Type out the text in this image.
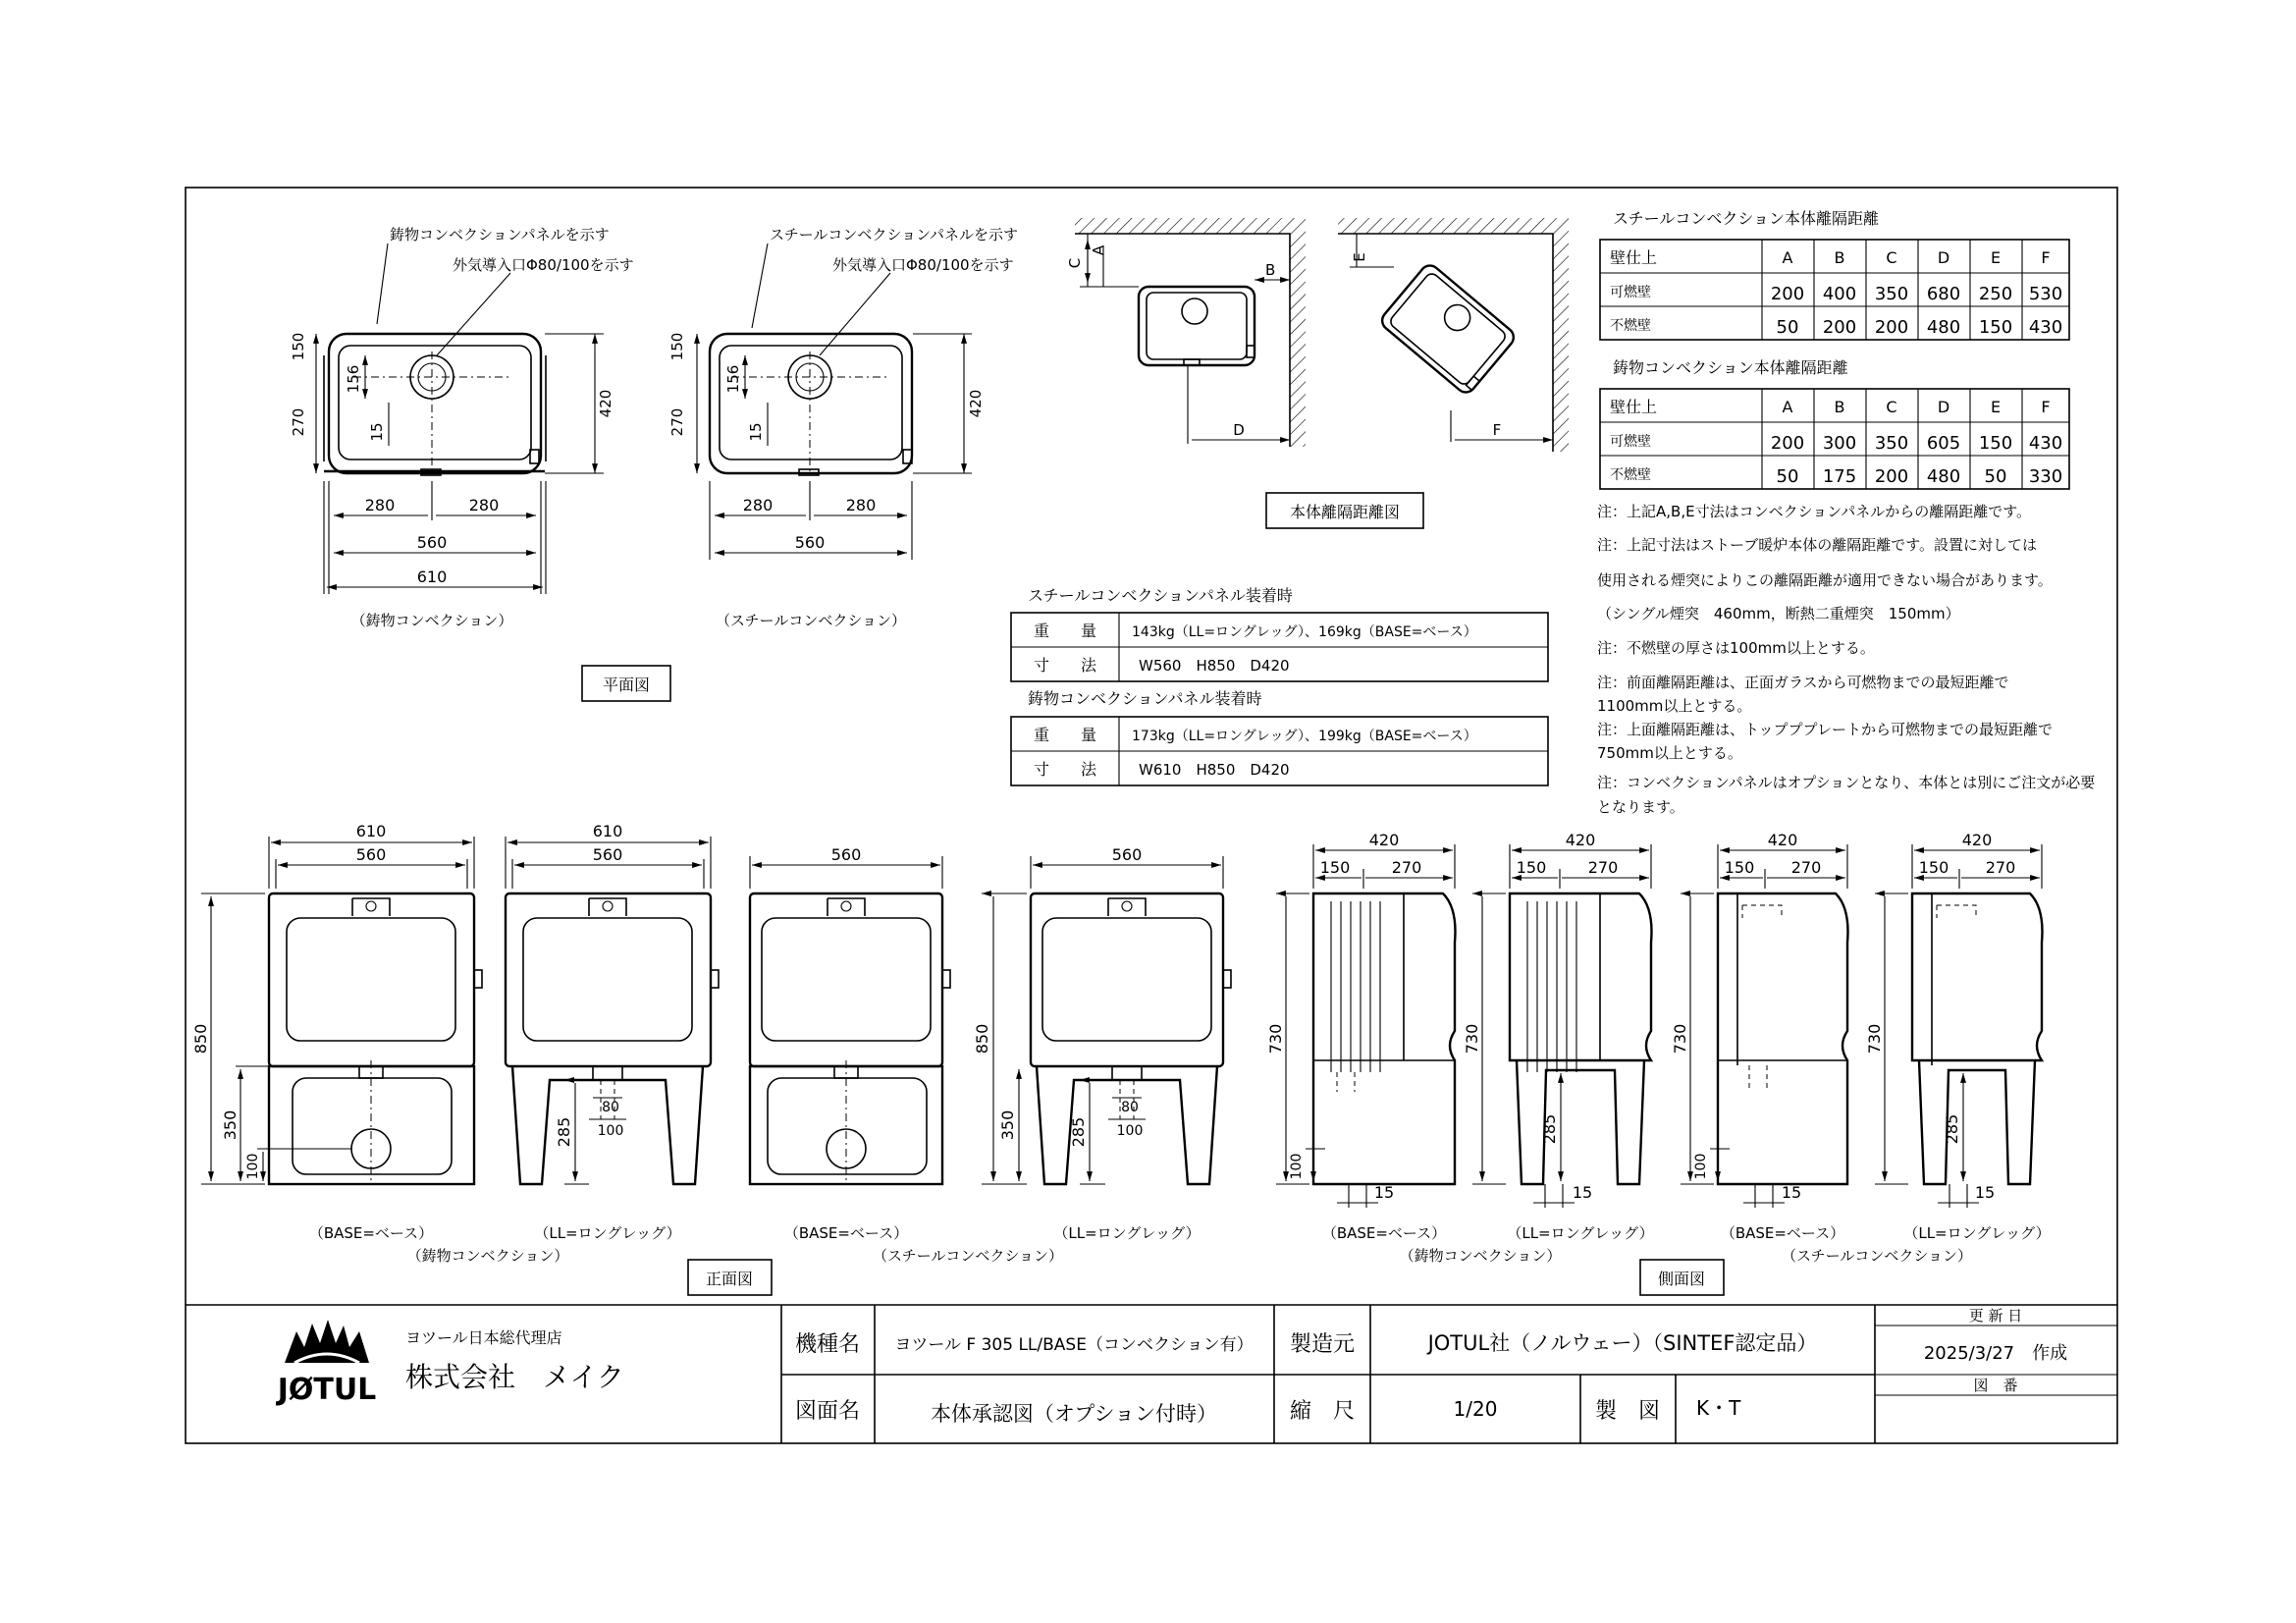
鋳物コンベクションパネルを示す
外気導入口Φ80/100を示す
150
270
156
15
420
280	280
560
610
（鋳物コンベクション）
スチールコンベクションパネルを示す
外気導入口Φ80/100を示す
150
270
156
15
420
280	280
560
（スチールコンベクション）
平面図
C
A
B
D
E
F
本体離隔距離図
スチールコンベクション本体離隔距離
壁仕上	A	B	C	D	E	F
可燃壁	200 400 350 680 250 530
不燃壁	50 200 200 480 150 430
鋳物コンベクション本体離隔距離
壁仕上	A	B	C	D	E	F
可燃壁	200 300 350 605 150 430
不燃壁	50 175 200 480 50 330
注：上記A,B,E寸法はコンベクションパネルからの離隔距離です。
注：上記寸法はストーブ暖炉本体の離隔距離です。設置に対しては
使用される煙突によりこの離隔距離が適用できない場合があります。
（シングル煙突　460mm，断熱二重煙突　150mm）
注：不燃壁の厚さは100mm以上とする。
注：前面離隔距離は、正面ガラスから可燃物までの最短距離で
1100mm以上とする。
注：上面離隔距離は、トップププレートから可燃物までの最短距離で
750mm以上とする。
注：コンベクションパネルはオプションとなり、本体とは別にご注文が必要
となります。
スチールコンベクションパネル装着時
重　　量	143kg（LL=ロングレッグ）、169kg（BASE=ベース）
寸　　法	W560　H850　D420
鋳物コンベクションパネル装着時
重　　量	173kg（LL=ロングレッグ）、199kg（BASE=ベース）
寸　　法	W610　H850　D420
610
560
850
350
100
（BASE=ベース）
610
560
80
100
285
（LL=ロングレッグ）
（鋳物コンベクション）
560
（BASE=ベース）
560
850
350
80
100
285
（LL=ロングレッグ）
（スチールコンベクション）
正面図
420
150	270
730
100
15
（BASE=ベース）
420
150	270
730
285
15
（LL=ロングレッグ）
（鋳物コンベクション）
420
150 270
730
100
15
（BASE=ベース）
420
150 270
730
285
15
（LL=ロングレッグ）
（スチールコンベクション）
側面図
JØTUL
ヨツール日本総代理店
株式会社　メイク
機種名 ヨツール F 305 LL/BASE（コンベクション有） 製造元	JOTUL社（ノルウェー）（SINTEF認定品）
更 新 日
2025/3/27　作成
図面名	本体承認図（オプション付時）	縮　尺	1/20	製　図 K・T
図　番
